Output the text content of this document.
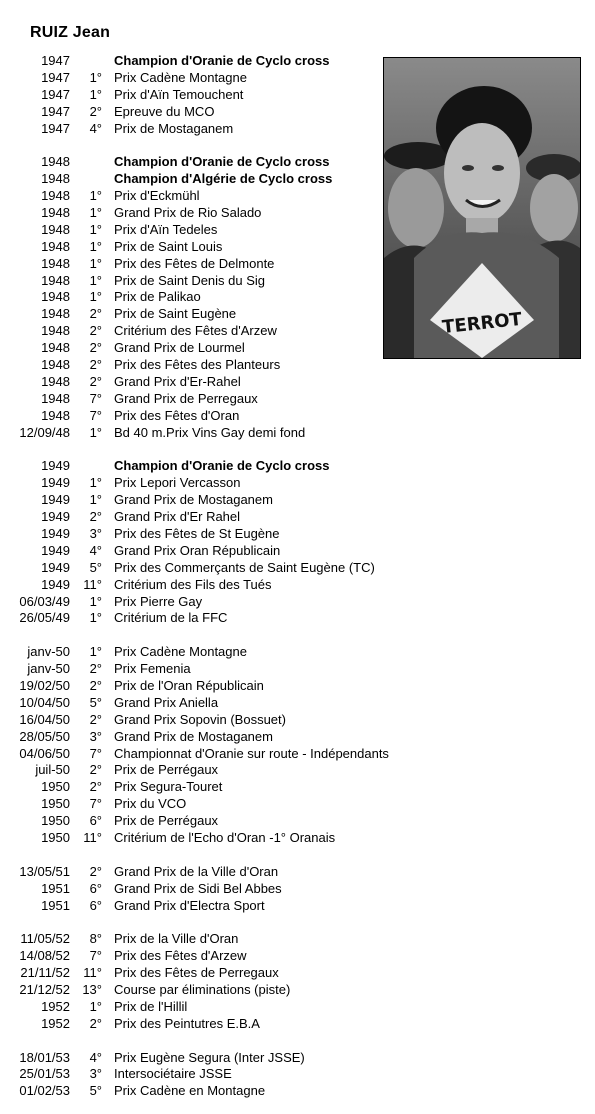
RUIZ Jean
1947	Champion d'Oranie de Cyclo cross
1947 1° Prix Cadène Montagne
1947 1° Prix d'Aïn Temouchent
1947 2° Epreuve du MCO
1947 4° Prix de Mostaganem
1948	Champion d'Oranie de Cyclo cross
1948	Champion d'Algérie de Cyclo cross
1948 1° Prix d'Eckmühl
1948 1° Grand Prix de Rio Salado
1948 1° Prix d'Aïn Tedeles
1948 1° Prix de Saint Louis
1948 1° Prix des Fêtes de Delmonte
1948 1° Prix de Saint Denis du Sig
1948 1° Prix de Palikao
1948 2° Prix de Saint Eugène
1948 2° Critérium des Fêtes d'Arzew
1948 2° Grand Prix de Lourmel
1948 2° Prix des Fêtes des Planteurs
1948 2° Grand Prix d'Er-Rahel
1948 7° Grand Prix de Perregaux
1948 7° Prix des Fêtes d'Oran
12/09/48 1° Bd 40 m.Prix Vins Gay demi fond
1949	Champion d'Oranie de Cyclo cross
1949 1° Prix Lepori Vercasson
1949 1° Grand Prix de Mostaganem
1949 2° Grand Prix d'Er Rahel
1949 3° Prix des Fêtes de St Eugène
1949 4° Grand Prix Oran Républicain
1949 5° Prix des Commerçants de Saint Eugène (TC)
1949 11° Critérium des Fils des Tués
06/03/49 1° Prix Pierre Gay
26/05/49 1° Critérium de la FFC
janv-50 1° Prix Cadène Montagne
janv-50 2° Prix Femenia
19/02/50 2° Prix de l'Oran Républicain
10/04/50 5° Grand Prix Aniella
16/04/50 2° Grand Prix Sopovin (Bossuet)
28/05/50 3° Grand Prix de Mostaganem
04/06/50 7° Championnat d'Oranie sur route - Indépendants
juil-50 2° Prix de Perrégaux
1950 2° Prix Segura-Touret
1950 7° Prix du VCO
1950 6° Prix de Perrégaux
1950 11° Critérium de l'Echo d'Oran -1° Oranais
13/05/51 2° Grand Prix de la Ville d'Oran
1951 6° Grand Prix de Sidi Bel Abbes
1951 6° Grand Prix d'Electra Sport
11/05/52 8° Prix de la Ville d'Oran
14/08/52 7° Prix des Fêtes d'Arzew
21/11/52 11° Prix des Fêtes de Perregaux
21/12/52 13° Course par éliminations (piste)
1952 1° Prix de l'Hillil
1952 2° Prix des Peintutres E.B.A
18/01/53 4° Prix Eugène Segura (Inter JSSE)
25/01/53 3° Intersociétaire JSSE
01/02/53 5° Prix Cadène en Montagne
TERROT
